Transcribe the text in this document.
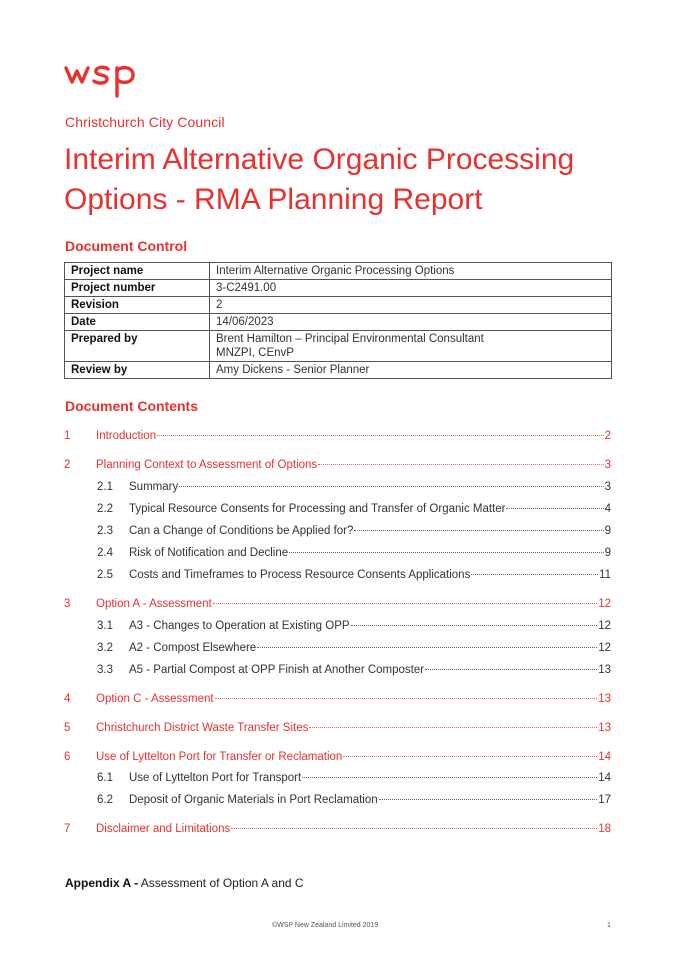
Christchurch City Council
Interim Alternative Organic Processing Options - RMA Planning Report
Document Control
Project name	Interim Alternative Organic Processing Options
Project number	3-C2491.00
Revision	2
Date	14/06/2023
Prepared by	Brent Hamilton – Principal Environmental Consultant
MNZPI, CEnvP

Review by	Amy Dickens - Senior Planner
Document Contents
1 Introduction	2
2 Planning Context to Assessment of Options	3
2.1 Summary	3
2.2 Typical Resource Consents for Processing and Transfer of Organic Matter	4
2.3 Can a Change of Conditions be Applied for?	9
2.4 Risk of Notification and Decline	9
2.5 Costs and Timeframes to Process Resource Consents Applications	11
3 Option A - Assessment	12
3.1 A3 - Changes to Operation at Existing OPP	12
3.2 A2 - Compost Elsewhere	12
3.3 A5 - Partial Compost at OPP Finish at Another Composter	13
4 Option C - Assessment	13
5 Christchurch District Waste Transfer Sites	13
6 Use of Lyttelton Port for Transfer or Reclamation	14
6.1 Use of Lyttelton Port for Transport	14
6.2 Deposit of Organic Materials in Port Reclamation	17
7 Disclaimer and Limitations	18
Appendix A - Assessment of Option A and C
©WSP New Zealand Limited 2019	1
